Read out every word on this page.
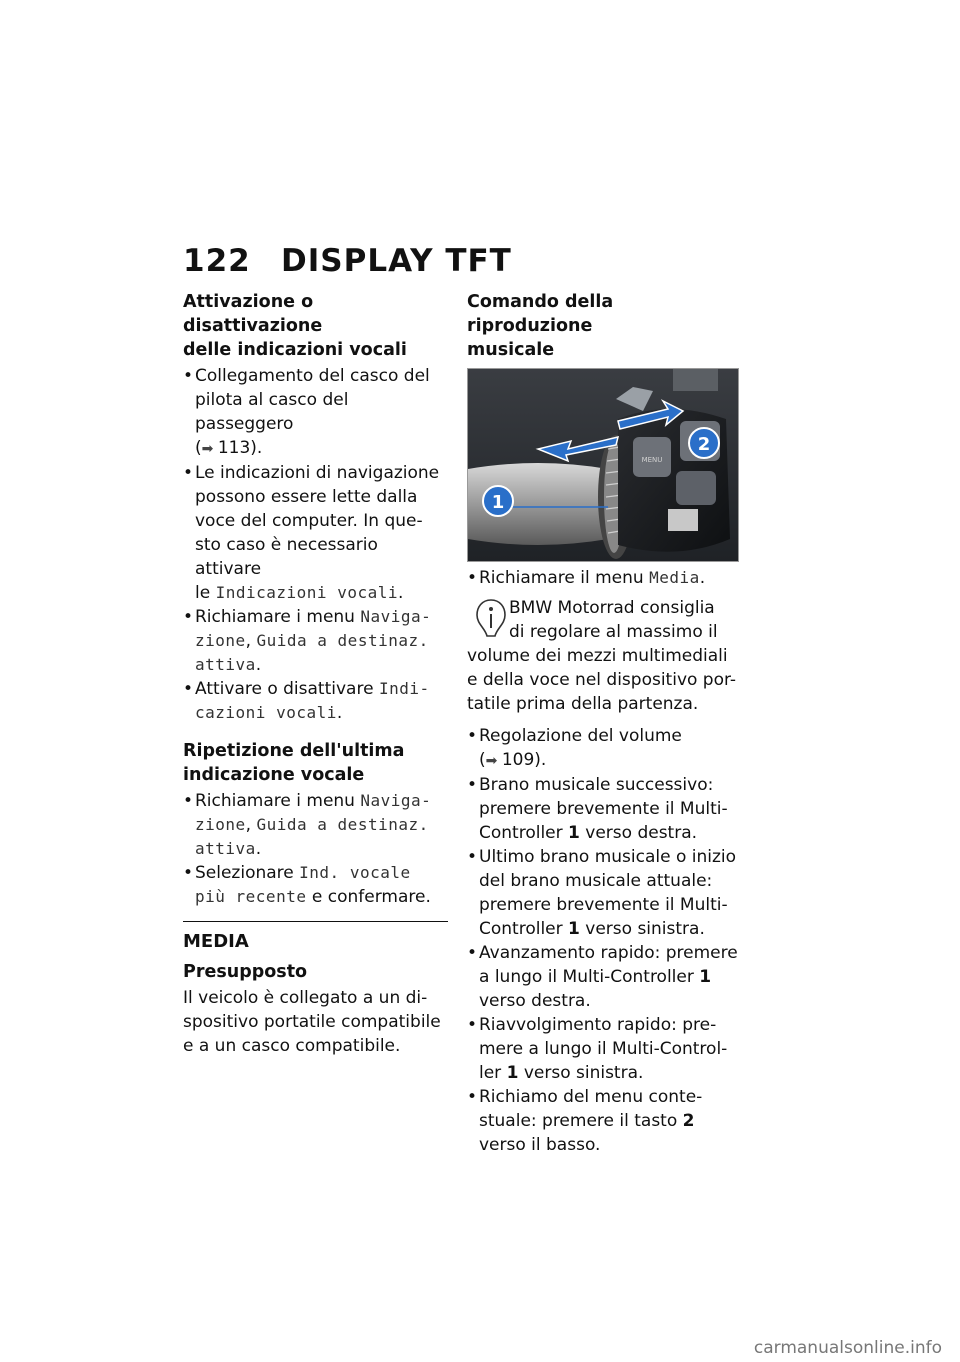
122 DISPLAY TFT
Attivazione o disattivazione
delle indicazioni vocali
• Collegamento del casco del
pilota al casco del passeggero
(➡ 113).
• Le indicazioni di navigazione
possono essere lette dalla
voce del computer. In que-
sto caso è necessario attivare
le Indicazioni vocali.
• Richiamare i menu Naviga-
zione, Guida a destinaz.
attiva.
• Attivare o disattivare Indi-
cazioni vocali.
Ripetizione dell'ultima
indicazione vocale
• Richiamare i menu Naviga-
zione, Guida a destinaz.
attiva.
• Selezionare Ind. vocale
più recente e confermare.
MEDIA
Presupposto
Il veicolo è collegato a un di-
spositivo portatile compatibile
e a un casco compatibile.
Comando della riproduzione
musicale
MENU
1
2
• Richiamare il menu Media.
BMW Motorrad consiglia
di regolare al massimo il
volume dei mezzi multimediali
e della voce nel dispositivo por-
tatile prima della partenza.
• Regolazione del volume
(➡ 109).
• Brano musicale successivo:
premere brevemente il Multi-
Controller 1 verso destra.
• Ultimo brano musicale o inizio
del brano musicale attuale:
premere brevemente il Multi-
Controller 1 verso sinistra.
• Avanzamento rapido: premere
a lungo il Multi-Controller 1
verso destra.
• Riavvolgimento rapido: pre-
mere a lungo il Multi-Control-
ler 1 verso sinistra.
• Richiamo del menu conte-
stuale: premere il tasto 2
verso il basso.
carmanualsonline.info
